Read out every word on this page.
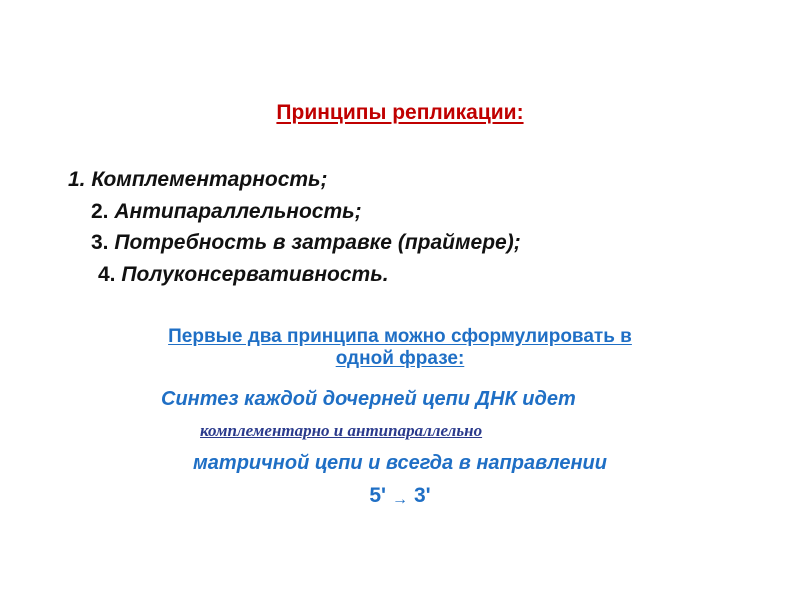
Принципы репликации:
1. Комплементарность;
2. Антипараллельность;
3. Потребность в затравке (праймере);
4. Полуконсервативность.
Первые два принципа можно сформулировать в
одной фразе:
Синтез каждой дочерней цепи ДНК идет
комплементарно и антипараллельно
матричной цепи и всегда в направлении
5' → 3'
